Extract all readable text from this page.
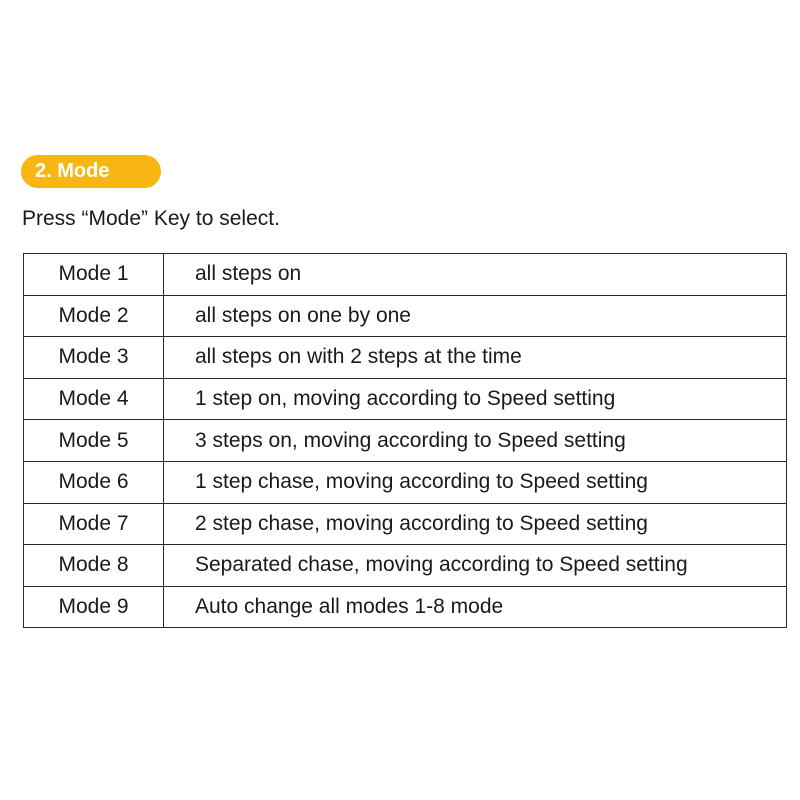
2. Mode
Press “Mode” Key to select.
Mode 1	all steps on
Mode 2	all steps on one by one
Mode 3	all steps on with 2 steps at the time
Mode 4	1 step on, moving according to Speed setting
Mode 5	3 steps on, moving according to Speed setting
Mode 6	1 step chase, moving according to Speed setting
Mode 7	2 step chase, moving according to Speed setting
Mode 8	Separated chase, moving according to Speed setting
Mode 9	Auto change all modes 1-8 mode
